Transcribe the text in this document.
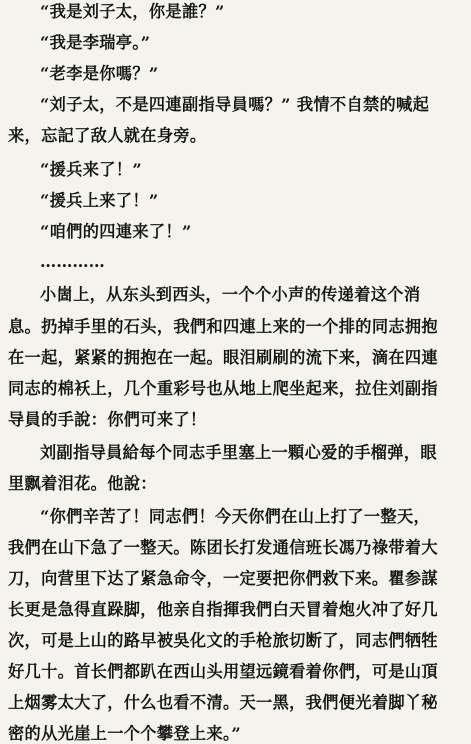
“我是刘子太，你是誰？”
“我是李瑞亭。”
“老李是你嗎？”
“刘子太，不是四連副指导員嗎？” 我情不自禁的喊起
来，忘記了敌人就在身旁。
“援兵来了！”
“援兵上来了！”
“咱們的四連来了！”
…………
小崮上，从东头到西头，一个个小声的传递着这个消
息。扔掉手里的石头，我們和四連上来的一个排的同志拥抱
在一起，紧紧的拥抱在一起。眼泪刷刷的流下来，滴在四連
同志的棉袄上，几个重彩号也从地上爬坐起来，拉住刘副指
导員的手說：你們可来了！
刘副指导員給每个同志手里塞上一顆心爱的手榴弹，眼
里飘着泪花。他說：
“你們辛苦了！同志們！今天你們在山上打了一整天，
我們在山下急了一整天。陈团长打发通信班长馮乃祿带着大
刀，向营里下达了紧急命令，一定要把你們救下来。瞿参謀
长更是急得直跺脚，他亲自指揮我們白天冒着炮火冲了好几
次，可是上山的路早被吳化文的手枪旅切断了，同志們牺牲
好几十。首长們都趴在西山头用望远鏡看着你們，可是山頂
上烟雾太大了，什么也看不清。天一黑，我們便光着脚丫秘
密的从光崖上一个个攀登上来。”
